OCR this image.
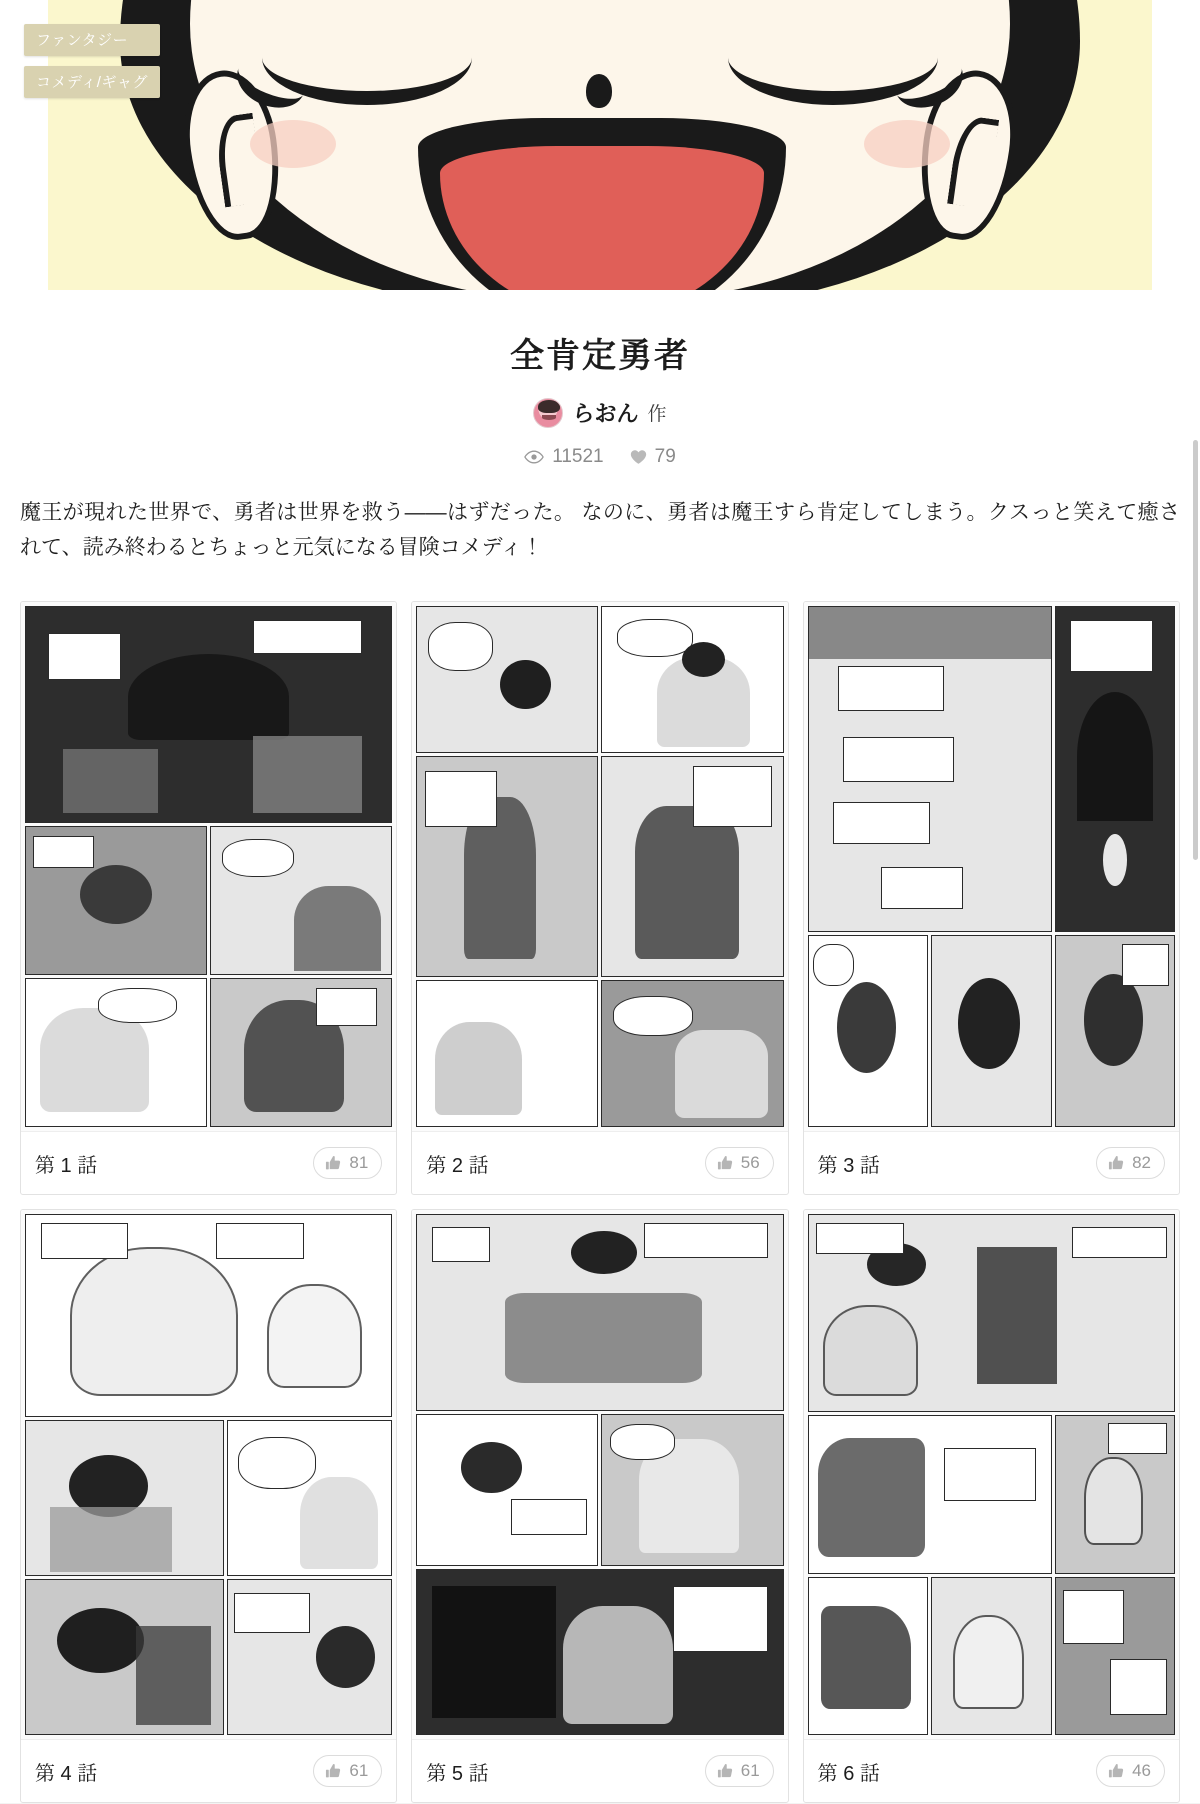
ファンタジー
コメディ/ギャグ
全肯定勇者
らおん 作
11521	79
魔王が現れた世界で、勇者は世界を救う——はずだった。 なのに、勇者は魔王すら肯定してしまう。クスっと笑えて癒されて、読み終わるとちょっと元気になる冒険コメディ！
第 1 話	81	第 2 話	56	第 3 話	82
第 4 話	61	第 5 話	61	第 6 話	46
